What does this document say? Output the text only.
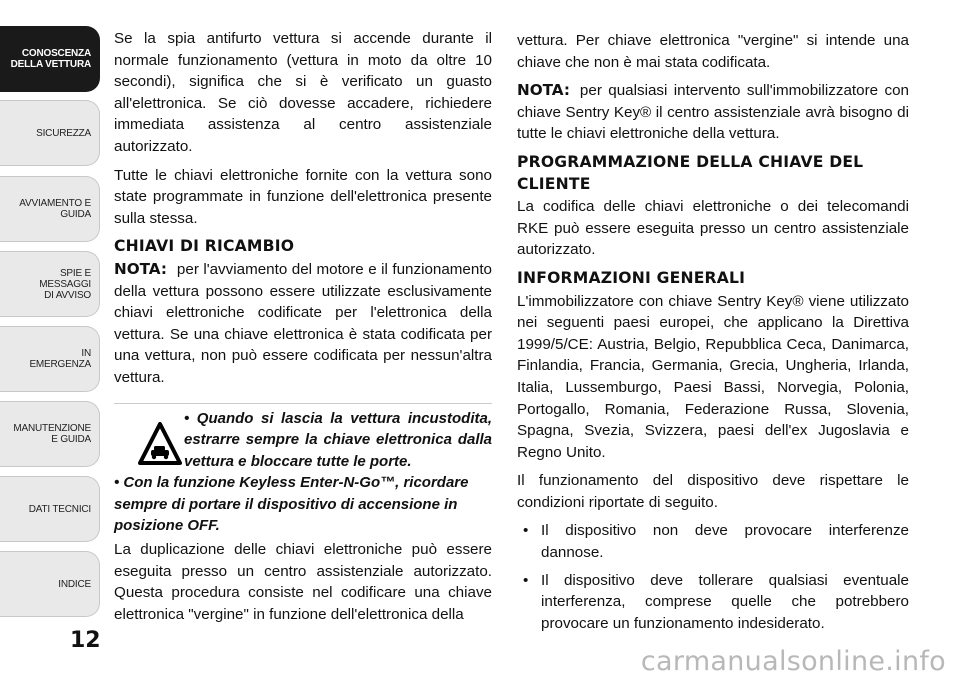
CONOSCENZA
DELLA VETTURA
SICUREZZA
AVVIAMENTO E
GUIDA
SPIE E
MESSAGGI
DI AVVISO
IN
EMERGENZA
MANUTENZIONE
E GUIDA
DATI TECNICI
INDICE
12
carmanualsonline.info

Se la spia antifurto vettura si accende durante il normale funzionamento (vettura in moto da oltre 10 secondi), significa che si è verificato un guasto all'elettronica. Se ciò dovesse accadere, richiedere immediata assistenza al centro assistenziale autorizzato.

Tutte le chiavi elettroniche fornite con la vettura sono state programmate in funzione dell'elettronica presente sulla stessa.

CHIAVI DI RICAMBIO

NOTA: per l'avviamento del motore e il funzionamento della vettura possono essere utilizzate esclusivamente chiavi elettroniche codificate per l'elettronica della vettura. Se una chiave elettronica è stata codificata per una vettura, non può essere codificata per nessun'altra vettura.

• Quando si lascia la vettura incustodita, estrarre sempre la chiave elettronica dalla vettura e bloccare tutte le porte.
• Con la funzione Keyless Enter-N-Go™, ricordare sempre di portare il dispositivo di accensione in posizione OFF.

La duplicazione delle chiavi elettroniche può essere eseguita presso un centro assistenziale autorizzato. Questa procedura consiste nel codificare una chiave elettronica "vergine" in funzione dell'elettronica della

vettura. Per chiave elettronica "vergine" si intende una chiave che non è mai stata codificata.

NOTA: per qualsiasi intervento sull'immobilizzatore con chiave Sentry Key® il centro assistenziale avrà bisogno di tutte le chiavi elettroniche della vettura.

PROGRAMMAZIONE DELLA CHIAVE DEL CLIENTE

La codifica delle chiavi elettroniche o dei telecomandi RKE può essere eseguita presso un centro assistenziale autorizzato.

INFORMAZIONI GENERALI

L'immobilizzatore con chiave Sentry Key® viene utilizzato nei seguenti paesi europei, che applicano la Direttiva 1999/5/CE: Austria, Belgio, Repubblica Ceca, Danimarca, Finlandia, Francia, Germania, Grecia, Ungheria, Irlanda, Italia, Lussemburgo, Paesi Bassi, Norvegia, Polonia, Portogallo, Romania, Federazione Russa, Slovenia, Spagna, Svezia, Svizzera, paesi dell'ex Jugoslavia e Regno Unito.

Il funzionamento del dispositivo deve rispettare le condizioni riportate di seguito.

• Il dispositivo non deve provocare interferenze dannose.
• Il dispositivo deve tollerare qualsiasi eventuale interferenza, comprese quelle che potrebbero provocare un funzionamento indesiderato.
